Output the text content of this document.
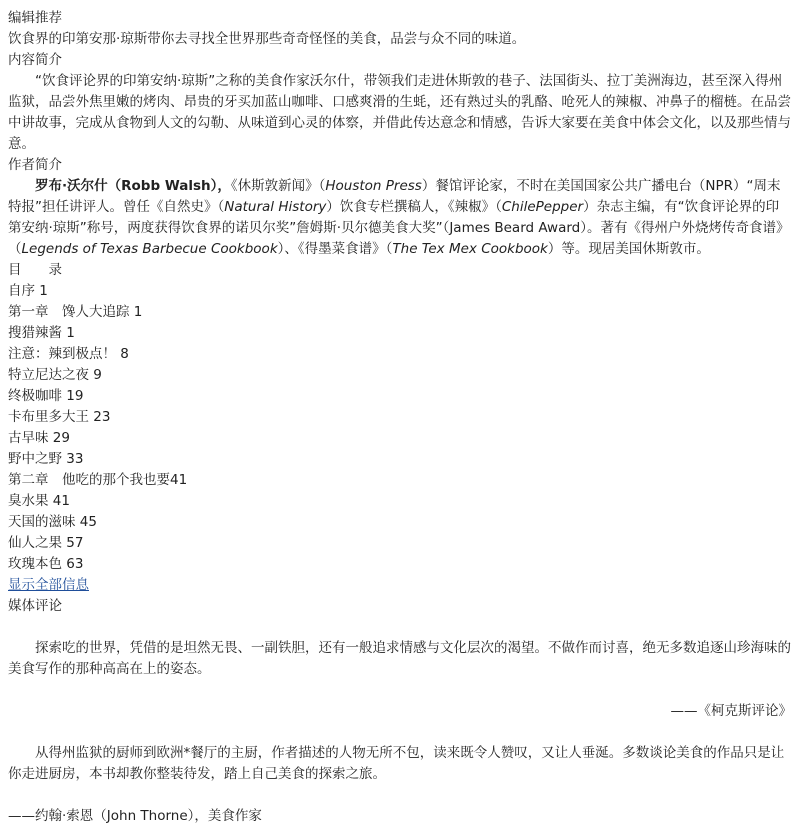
编辑推荐

饮食界的印第安那·琼斯带你去寻找全世界那些奇奇怪怪的美食，品尝与众不同的味道。

内容简介

“饮食评论界的印第安纳·琼斯”之称的美食作家沃尔什，带领我们走进休斯敦的巷子、法国街头、拉丁美洲海边，甚至深入得州监狱，品尝外焦里嫩的烤肉、昂贵的牙买加蓝山咖啡、口感爽滑的生蚝，还有熟过头的乳酪、呛死人的辣椒、冲鼻子的榴梿。在品尝中讲故事，完成从食物到人文的勾勒、从味道到心灵的体察，并借此传达意念和情感，告诉大家要在美食中体会文化，以及那些情与意。

作者简介

罗布·沃尔什（Robb Walsh），《休斯敦新闻》（Houston Press）餐馆评论家，不时在美国国家公共广播电台（NPR）“周末特报”担任讲评人。曾任《自然史》（Natural History）饮食专栏撰稿人，《辣椒》（ChilePepper）杂志主编，有“饮食评论界的印第安纳·琼斯”称号，两度获得饮食界的诺贝尔奖”詹姆斯·贝尔德美食大奖”（James Beard Award）。著有《得州户外烧烤传奇食谱》（Legends of Texas Barbecue Cookbook）、《得墨菜食谱》（The Tex Mex Cookbook）等。现居美国休斯敦市。

目　　录

自序 1

第一章　馋人大追踪 1

搜猎辣酱 1

注意：辣到极点！ 8

特立尼达之夜 9

终极咖啡 19

卡布里多大王 23

古早味 29

野中之野 33

第二章　他吃的那个我也要41

臭水果 41

天国的滋味 45

仙人之果 57

玫瑰本色 63

显示全部信息

媒体评论

探索吃的世界，凭借的是坦然无畏、一副铁胆，还有一般追求情感与文化层次的渴望。不做作而讨喜，绝无多数追逐山珍海味的美食写作的那种高高在上的姿态。

——《柯克斯评论》

从得州监狱的厨师到欧洲*餐厅的主厨，作者描述的人物无所不包，读来既令人赞叹，又让人垂涎。多数谈论美食的作品只是让你走进厨房，本书却教你整装待发，踏上自己美食的探索之旅。

——约翰·索恩（John Thorne），美食作家
